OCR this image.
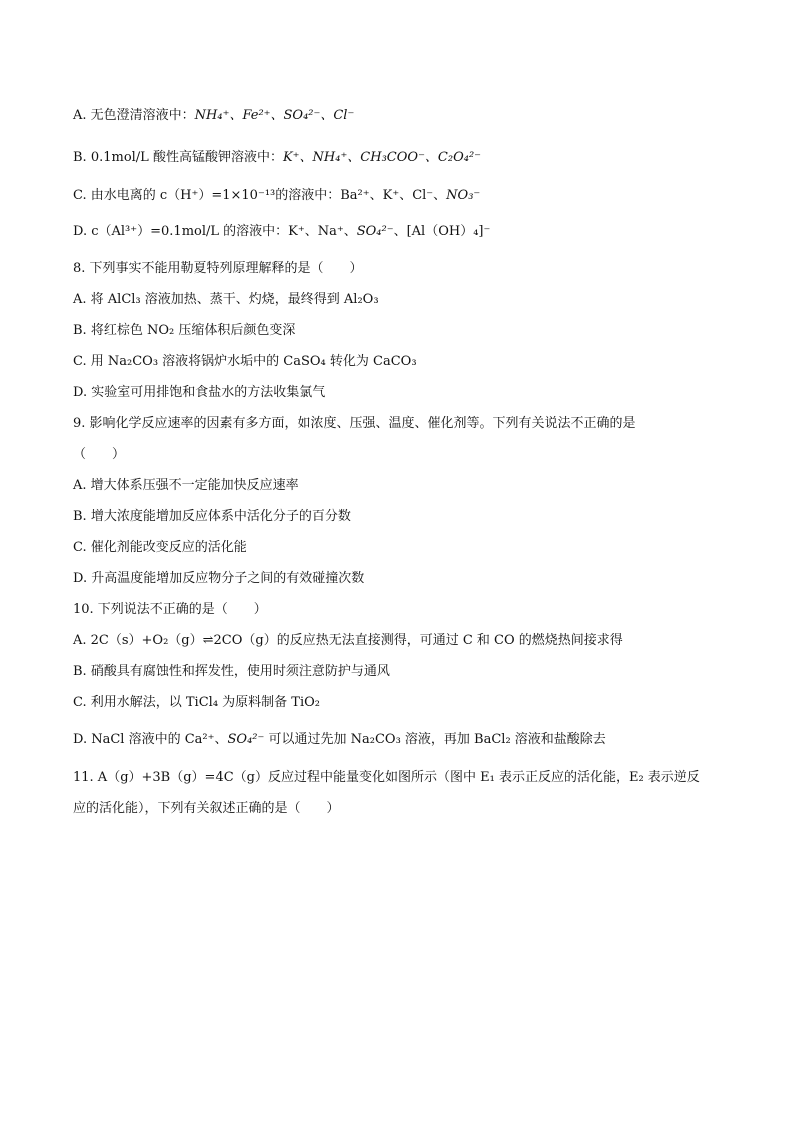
A. 无色澄清溶液中：NH₄⁺、Fe²⁺、SO₄²⁻、Cl⁻
B. 0.1mol/L 酸性高锰酸钾溶液中：K⁺、NH₄⁺、CH₃COO⁻、C₂O₄²⁻
C. 由水电离的 c（H⁺）=1×10⁻¹³的溶液中：Ba²⁺、K⁺、Cl⁻、NO₃⁻
D. c（Al³⁺）=0.1mol/L 的溶液中：K⁺、Na⁺、SO₄²⁻、[Al（OH）₄]⁻
8. 下列事实不能用勒夏特列原理解释的是（　　）
A. 将 AlCl₃ 溶液加热、蒸干、灼烧，最终得到 Al₂O₃
B. 将红棕色 NO₂ 压缩体积后颜色变深
C. 用 Na₂CO₃ 溶液将锅炉水垢中的 CaSO₄ 转化为 CaCO₃
D. 实验室可用排饱和食盐水的方法收集氯气
9. 影响化学反应速率的因素有多方面，如浓度、压强、温度、催化剂等。下列有关说法不正确的是
（　　）
A. 增大体系压强不一定能加快反应速率
B. 增大浓度能增加反应体系中活化分子的百分数
C. 催化剂能改变反应的活化能
D. 升高温度能增加反应物分子之间的有效碰撞次数
10. 下列说法不正确的是（　　）
A. 2C（s）+O₂（g）⇌2CO（g）的反应热无法直接测得，可通过 C 和 CO 的燃烧热间接求得
B. 硝酸具有腐蚀性和挥发性，使用时须注意防护与通风
C. 利用水解法，以 TiCl₄ 为原料制备 TiO₂
D. NaCl 溶液中的 Ca²⁺、SO₄²⁻ 可以通过先加 Na₂CO₃ 溶液，再加 BaCl₂ 溶液和盐酸除去
11. A（g）+3B（g）=4C（g）反应过程中能量变化如图所示（图中 E₁ 表示正反应的活化能，E₂ 表示逆反
应的活化能），下列有关叙述正确的是（　　）
